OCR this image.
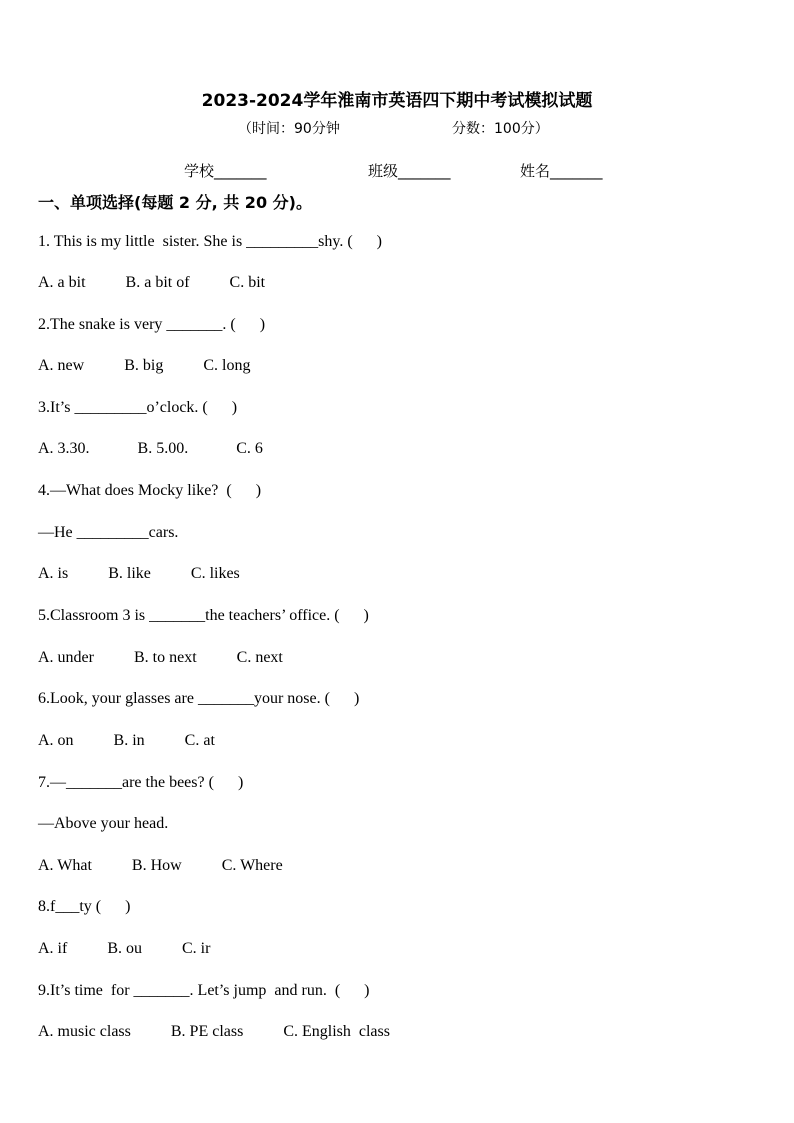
2023-2024学年淮南市英语四下期中考试模拟试题
（时间：90分钟	分数：100分）
学校_______	班级_______	姓名_______
一、单项选择(每题 2 分, 共 20 分)。
1. This is my little  sister. She is _________shy. (      )
A. a bit          B. a bit of          C. bit
2.The snake is very _______. (      )
A. new          B. big          C. long
3.It’s _________o’clock. (      )
A. 3.30.            B. 5.00.            C. 6
4.—What does Mocky like?  (      )
—He _________cars.
A. is          B. like          C. likes
5.Classroom 3 is _______the teachers’ office. (      )
A. under          B. to next          C. next
6.Look, your glasses are _______your nose. (      )
A. on          B. in          C. at
7.—_______are the bees? (      )
—Above your head.
A. What          B. How          C. Where
8.f___ty (      )
A. if          B. ou          C. ir
9.It’s time  for _______. Let’s jump  and run.  (      )
A. music class          B. PE class          C. English  class
